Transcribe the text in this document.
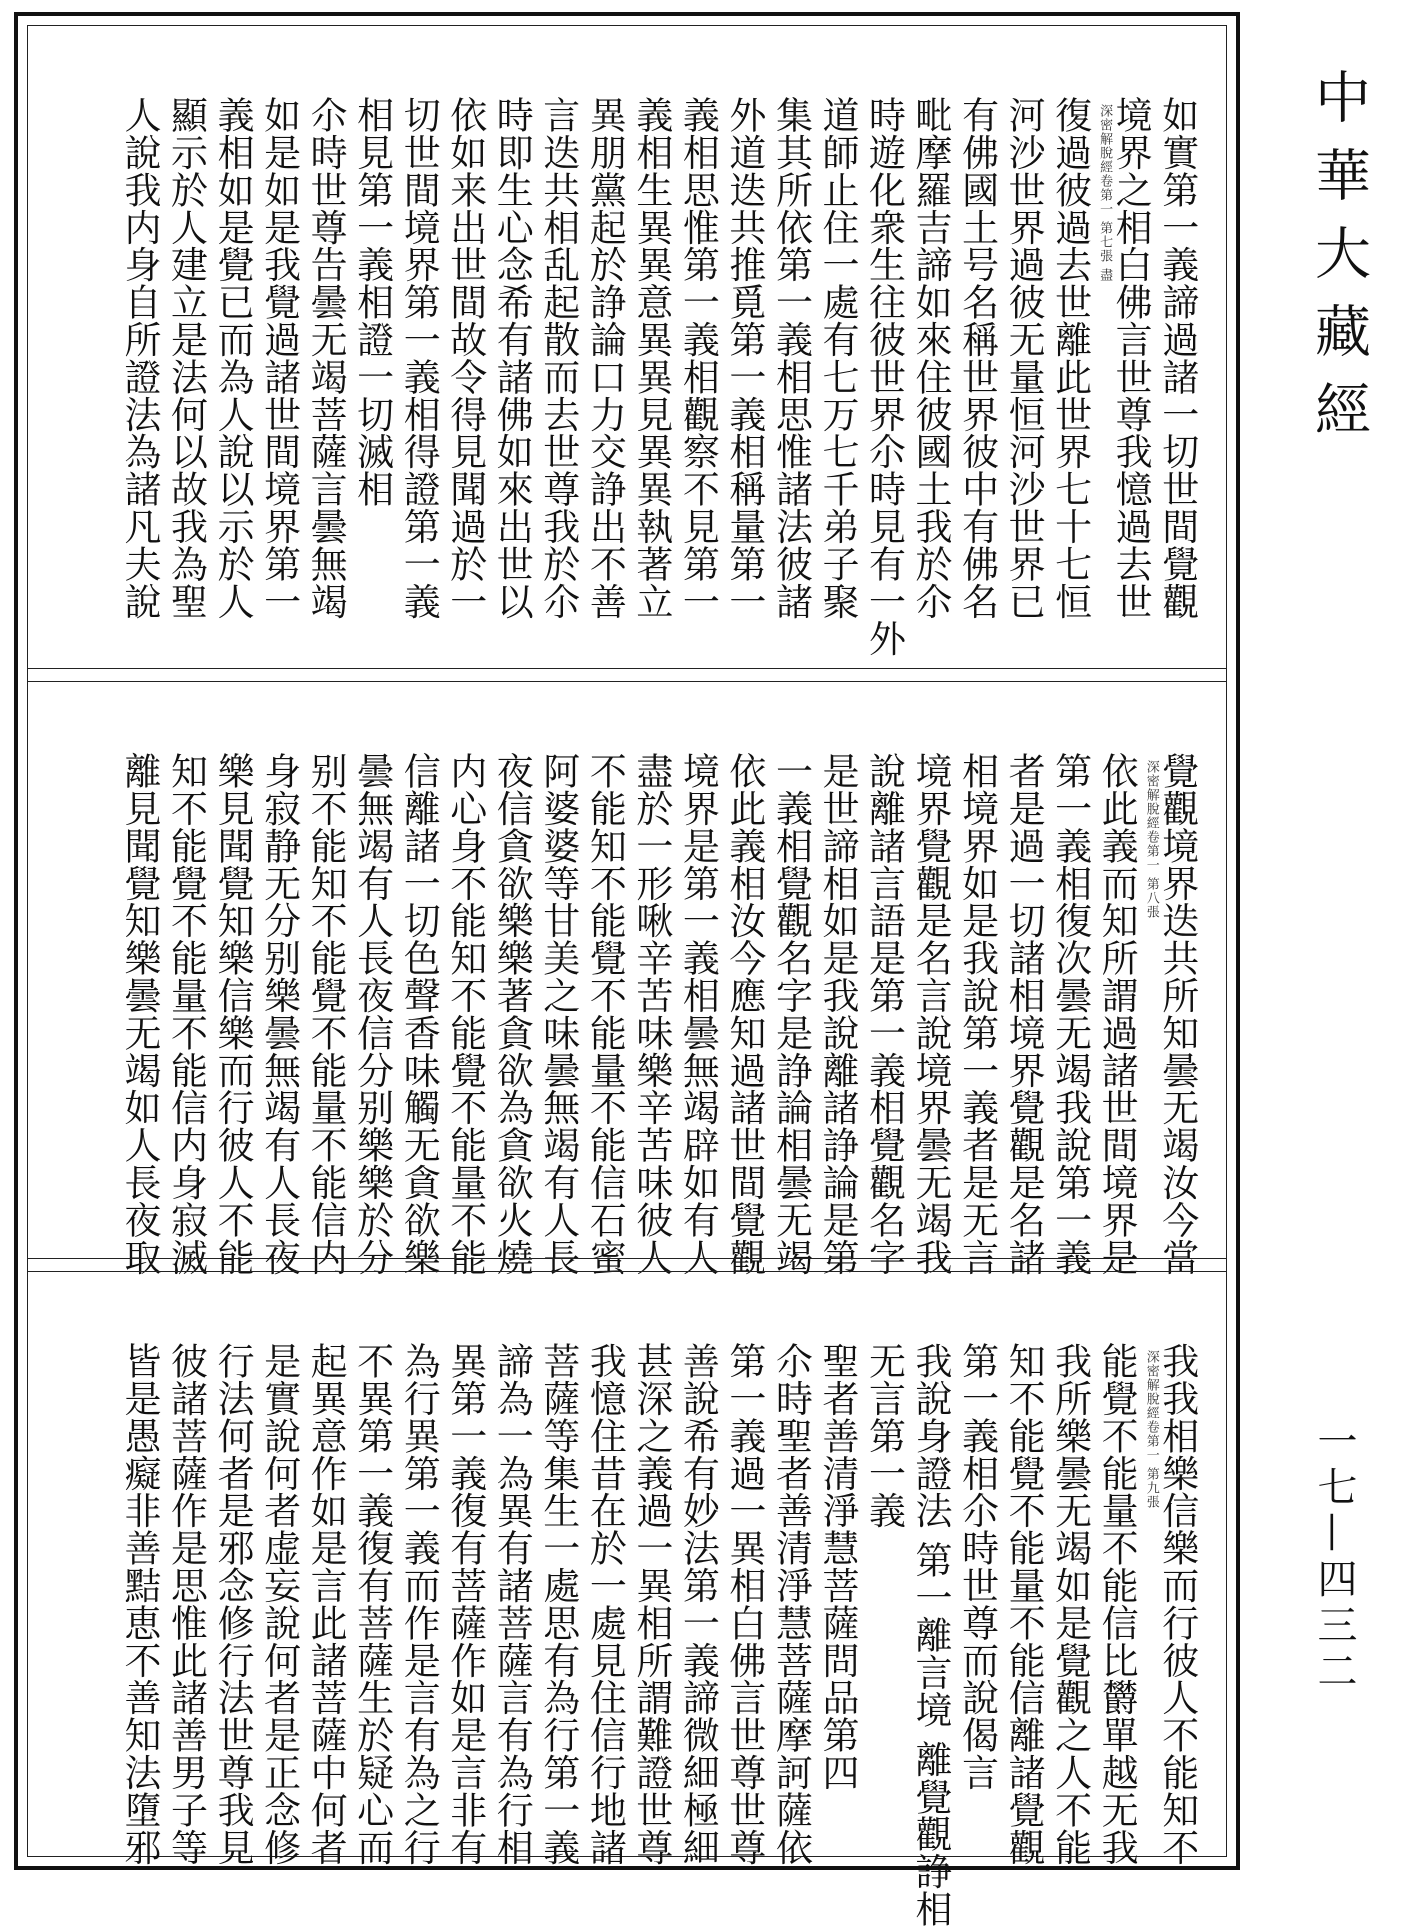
中華大藏經
一七—四三二
如實第一義諦過諸一切世間覺觀
境界之相白佛言世尊我憶過去世
深密解脫經卷第一 第七張 盡
復過彼過去世離此世界七十七恒
河沙世界過彼无量恒河沙世界已
有佛國土号名稱世界彼中有佛名
毗摩羅吉諦如來住彼國土我於尒
時遊化衆生往彼世界尒時見有一外
道師止住一處有七万七千弟子聚
集其所依第一義相思惟諸法彼諸
外道迭共推覓第一義相稱量第一
義相思惟第一義相觀察不見第一
義相生異異意異異見異異執著立
異朋黨起於諍論口力交諍出不善
言迭共相乱起散而去世尊我於尒
時即生心念希有諸佛如來出世以
依如来出世間故令得見聞過於一
切世間境界第一義相得證第一義
相見第一義相證一切滅相
尒時世尊告曇无竭菩薩言曇無竭
如是如是我覺過諸世間境界第一
義相如是覺已而為人說以示於人
顯示於人建立是法何以故我為聖
人說我内身自所證法為諸凡夫說
覺觀境界迭共所知曇无竭汝今當
深密解脫經卷第一 第八張
依此義而知所謂過諸世間境界是
第一義相復次曇无竭我說第一義
者是過一切諸相境界覺觀是名諸
相境界如是我說第一義者是无言
境界覺觀是名言說境界曇无竭我
說離諸言語是第一義相覺觀名字
是世諦相如是我說離諸諍論是第
一義相覺觀名字是諍論相曇无竭
依此義相汝今應知過諸世間覺觀
境界是第一義相曇無竭辟如有人
盡於一形啾辛苦味樂辛苦味彼人
不能知不能覺不能量不能信石蜜
阿婆婆等甘美之味曇無竭有人長
夜信貪欲樂樂著貪欲為貪欲火燒
内心身不能知不能覺不能量不能
信離諸一切色聲香味觸无貪欲樂
曇無竭有人長夜信分别樂樂於分
别不能知不能覺不能量不能信内
身寂静无分别樂曇無竭有人長夜
樂見聞覺知樂信樂而行彼人不能
知不能覺不能量不能信内身寂滅
離見聞覺知樂曇无竭如人長夜取
我我相樂信樂而行彼人不能知不
深密解脫經卷第一 第九張
能覺不能量不能信比欝單越无我
我所樂曇无竭如是覺觀之人不能
知不能覺不能量不能信離諸覺觀
第一義相尒時世尊而說偈言
我說身證法 第一離言境 離覺觀諍相
无言第一義
聖者善清淨慧菩薩問品第四
尒時聖者善清淨慧菩薩摩訶薩依
第一義過一異相白佛言世尊世尊
善說希有妙法第一義諦微細極細
甚深之義過一異相所謂難證世尊
我憶住昔在於一處見住信行地諸
菩薩等集生一處思有為行第一義
諦為一為異有諸菩薩言有為行相
異第一義復有菩薩作如是言非有
為行異第一義而作是言有為之行
不異第一義復有菩薩生於疑心而
起異意作如是言此諸菩薩中何者
是實說何者虚妄說何者是正念修
行法何者是邪念修行法世尊我見
彼諸菩薩作是思惟此諸善男子等
皆是愚癡非善黠恵不善知法墮邪
